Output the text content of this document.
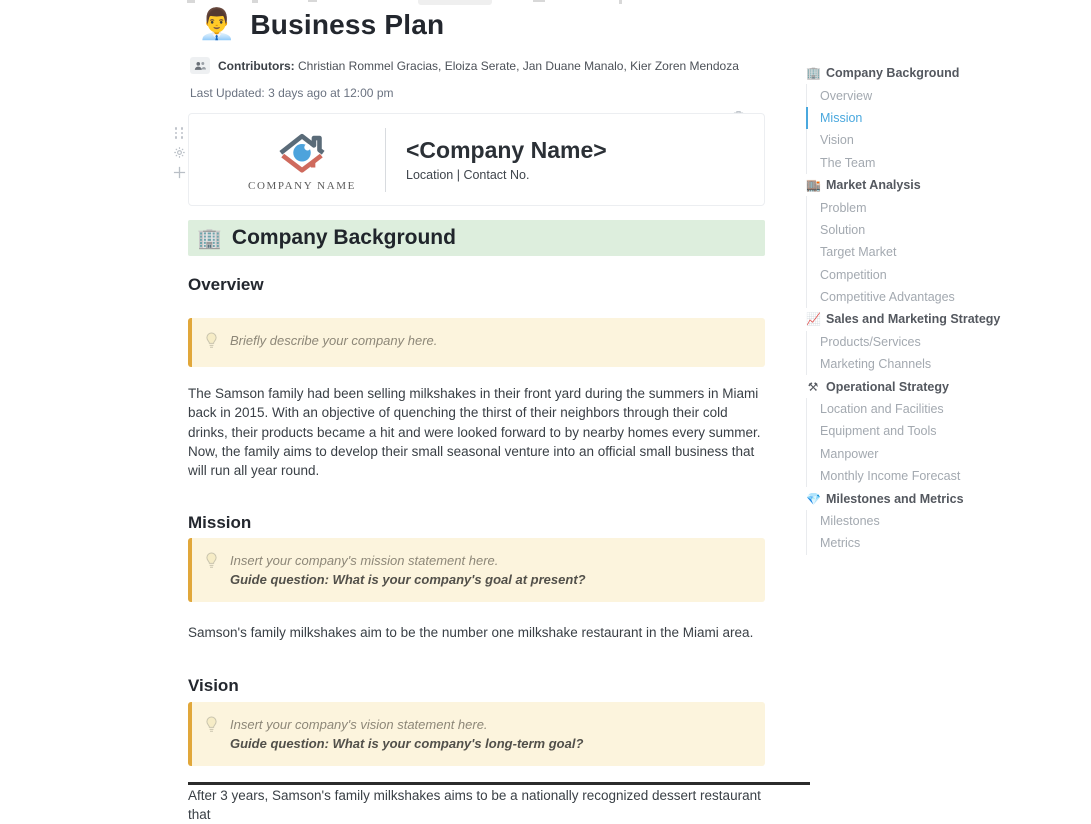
👨‍💼 Business Plan
Contributors: Christian Rommel Gracias, Eloiza Serate, Jan Duane Manalo, Kier Zoren Mendoza
Last Updated: 3 days ago at 12:00 pm
COMPANY NAME
<Company Name>
Location | Contact No.
🏢 Company Background
Overview
Briefly describe your company here.
The Samson family had been selling milkshakes in their front yard during the summers in Miami back in 2015. With an objective of quenching the thirst of their neighbors through their cold drinks, their products became a hit and were looked forward to by nearby homes every summer. Now, the family aims to develop their small seasonal venture into an official small business that will run all year round.
Mission
Insert your company's mission statement here.
Guide question: What is your company's goal at present?
Samson's family milkshakes aim to be the number one milkshake restaurant in the Miami area.
Vision
Insert your company's vision statement here.
Guide question: What is your company's long-term goal?
After 3 years, Samson's family milkshakes aims to be a nationally recognized dessert restaurant that
🏢 Company Background
Overview
Mission
Vision
The Team
🏬 Market Analysis
Problem
Solution
Target Market
Competition
Competitive Advantages
📈 Sales and Marketing Strategy
Products/Services
Marketing Channels
⚒ Operational Strategy
Location and Facilities
Equipment and Tools
Manpower
Monthly Income Forecast
💎 Milestones and Metrics
Milestones
Metrics
